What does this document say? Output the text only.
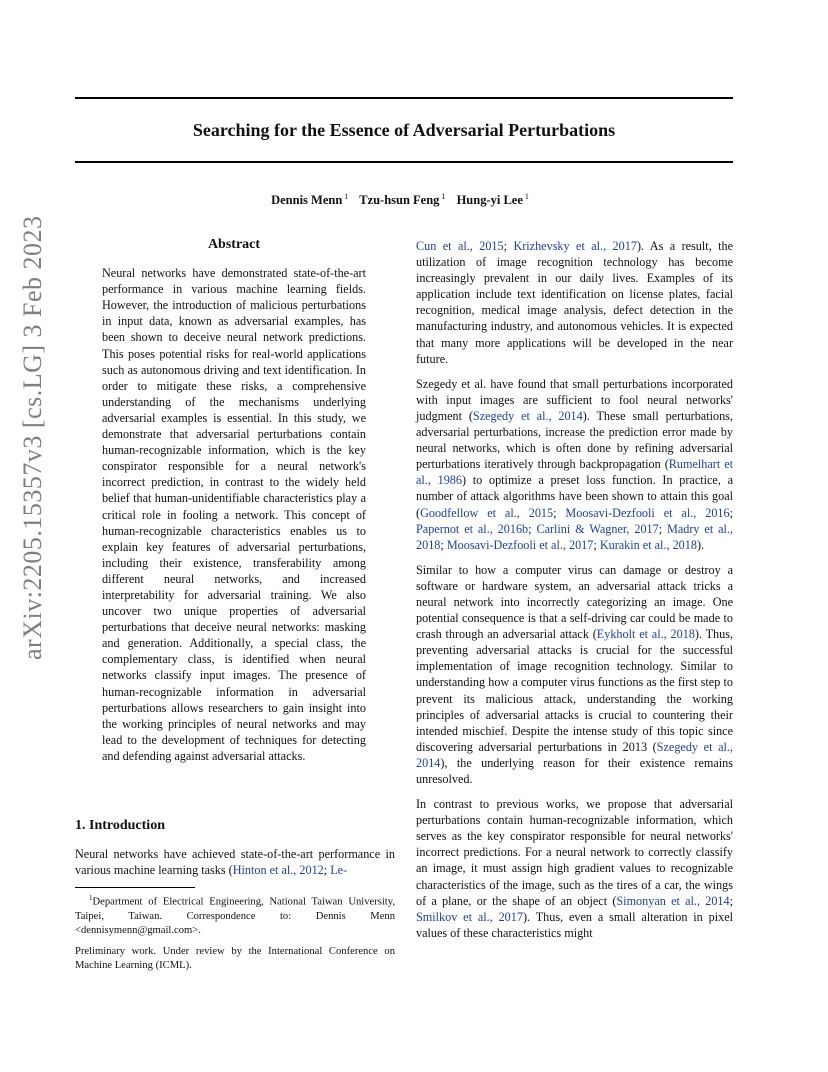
Searching for the Essence of Adversarial Perturbations
Dennis Menn $^1$ Tzu-hsun Feng $^1$ Hung-yi Lee $^1$
arXiv:2205.15357v3 [cs.LG] 3 Feb 2023	Abstract

Neural networks have demonstrated state-of-the-art performance in various machine learning fields. However, the introduction of malicious perturbations in input data, known as adversarial examples, has been shown to deceive neural network predictions. This poses potential risks for real-world applications such as autonomous driving and text identification. In order to mitigate these risks, a comprehensive understanding of the mechanisms underlying adversarial examples is essential. In this study, we demonstrate that adversarial perturbations contain human-recognizable information, which is the key conspirator responsible for a neural network's incorrect prediction, in contrast to the widely held belief that human-unidentifiable characteristics play a critical role in fooling a network. This concept of human-recognizable characteristics enables us to explain key features of adversarial perturbations, including their existence, transferability among different neural networks, and increased interpretability for adversarial training. We also uncover two unique properties of adversarial perturbations that deceive neural networks: masking and generation. Additionally, a special class, the complementary class, is identified when neural networks classify input images. The presence of human-recognizable information in adversarial perturbations allows researchers to gain insight into the working principles of neural networks and may lead to the development of techniques for detecting and defending against adversarial attacks.

1. Introduction

Neural networks have achieved state-of-the-art performance in various machine learning tasks (Hinton et al., 2012; Le-

$^1$Department of Electrical Engineering, National Taiwan University, Taipei, Taiwan. Correspondence to: Dennis Menn <dennisymenn@gmail.com>.
Preliminary work. Under review by the International Conference on Machine Learning (ICML).

Cun et al., 2015; Krizhevsky et al., 2017). As a result, the utilization of image recognition technology has become increasingly prevalent in our daily lives. Examples of its application include text identification on license plates, facial recognition, medical image analysis, defect detection in the manufacturing industry, and autonomous vehicles. It is expected that many more applications will be developed in the near future.

Szegedy et al. have found that small perturbations incorporated with input images are sufficient to fool neural networks' judgment (Szegedy et al., 2014). These small perturbations, adversarial perturbations, increase the prediction error made by neural networks, which is often done by refining adversarial perturbations iteratively through backpropagation (Rumelhart et al., 1986) to optimize a preset loss function. In practice, a number of attack algorithms have been shown to attain this goal (Goodfellow et al., 2015; Moosavi-Dezfooli et al., 2016; Papernot et al., 2016b; Carlini & Wagner, 2017; Madry et al., 2018; Moosavi-Dezfooli et al., 2017; Kurakin et al., 2018).

Similar to how a computer virus can damage or destroy a software or hardware system, an adversarial attack tricks a neural network into incorrectly categorizing an image. One potential consequence is that a self-driving car could be made to crash through an adversarial attack (Eykholt et al., 2018). Thus, preventing adversarial attacks is crucial for the successful implementation of image recognition technology. Similar to understanding how a computer virus functions as the first step to prevent its malicious attack, understanding the working principles of adversarial attacks is crucial to countering their intended mischief. Despite the intense study of this topic since discovering adversarial perturbations in 2013 (Szegedy et al., 2014), the underlying reason for their existence remains unresolved.

In contrast to previous works, we propose that adversarial perturbations contain human-recognizable information, which serves as the key conspirator responsible for neural networks' incorrect predictions. For a neural network to correctly classify an image, it must assign high gradient values to recognizable characteristics of the image, such as the tires of a car, the wings of a plane, or the shape of an object (Simonyan et al., 2014; Smilkov et al., 2017). Thus, even a small alteration in pixel values of these characteristics might
